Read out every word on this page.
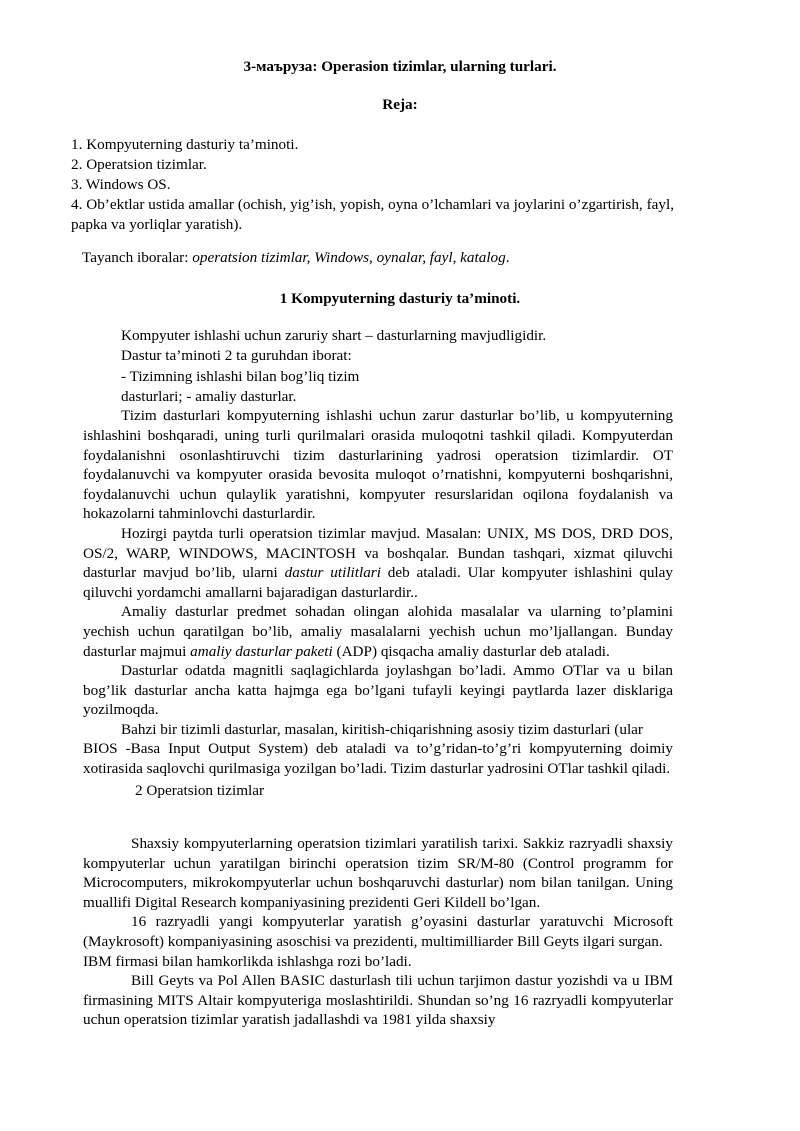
3-маъруза: Operasion tizimlar, ularning turlari.
Reja:
1. Kompyuterning dasturiy ta’minoti.
2. Operatsion tizimlar.
3. Windows OS.
4. Ob’ektlar ustida amallar (ochish, yig’ish, yopish, oyna o’lchamlari va joylarini o’zgartirish, fayl, papka va yorliqlar yaratish).
Tayanch iboralar: operatsion tizimlar, Windows, oynalar, fayl, katalog.
1 Kompyuterning dasturiy ta’minoti.

Kompyuter ishlashi uchun zaruriy shart – dasturlarning mavjudligidir.

Dastur ta’minoti 2 ta guruhdan iborat:

- Tizimning ishlashi bilan bog’liq tizim

dasturlari; - amaliy dasturlar.

Tizim dasturlari kompyuterning ishlashi uchun zarur dasturlar bo’lib, u kompyuterning ishlashini boshqaradi, uning turli qurilmalari orasida muloqotni tashkil qiladi. Kompyuterdan foydalanishni osonlashtiruvchi tizim dasturlarining yadrosi operatsion tizimlardir. OT foydalanuvchi va kompyuter orasida bevosita muloqot o’rnatishni, kompyuterni boshqarishni, foydalanuvchi uchun qulaylik yaratishni, kompyuter resurslaridan oqilona foydalanish va hokazolarni tahminlovchi dasturlardir.

Hozirgi paytda turli operatsion tizimlar mavjud. Masalan: UNIX, MS DOS, DRD DOS, OS/2, WARP, WINDOWS, MACINTOSH va boshqalar. Bundan tashqari, xizmat qiluvchi dasturlar mavjud bo’lib, ularni dastur utilitlari deb ataladi. Ular kompyuter ishlashini qulay qiluvchi yordamchi amallarni bajaradigan dasturlardir..

Amaliy dasturlar predmet sohadan olingan alohida masalalar va ularning to’plamini yechish uchun qaratilgan bo’lib, amaliy masalalarni yechish uchun mo’ljallangan. Bunday dasturlar majmui amaliy dasturlar paketi (ADP) qisqacha amaliy dasturlar deb ataladi.

Dasturlar odatda magnitli saqlagichlarda joylashgan bo’ladi. Ammo OTlar va u bilan bog’lik dasturlar ancha katta hajmga ega bo’lgani tufayli keyingi paytlarda lazer disklariga yozilmoqda.

Bahzi bir tizimli dasturlar, masalan, kiritish-chiqarishning asosiy tizim dasturlari (ular

BIOS -Basa Input Output System) deb ataladi va to’g’ridan-to’g’ri kompyuterning doimiy xotirasida saqlovchi qurilmasiga yozilgan bo’ladi. Tizim dasturlar yadrosini OTlar tashkil qiladi.

2 Operatsion tizimlar

Shaxsiy kompyuterlarning operatsion tizimlari yaratilish tarixi. Sakkiz razryadli shaxsiy kompyuterlar uchun yaratilgan birinchi operatsion tizim SR/M-80 (Control programm for Microcomputers, mikrokompyuterlar uchun boshqaruvchi dasturlar) nom bilan tanilgan. Uning muallifi Digital Research kompaniyasining prezidenti Geri Kildell bo’lgan.

16 razryadli yangi kompyuterlar yaratish g’oyasini dasturlar yaratuvchi Microsoft (Maykrosoft) kompaniyasining asoschisi va prezidenti, multimilliarder Bill Geyts ilgari surgan.

IBM firmasi bilan hamkorlikda ishlashga rozi bo’ladi.

Bill Geyts va Pol Allen BASIC dasturlash tili uchun tarjimon dastur yozishdi va u IBM firmasining MITS Altair kompyuteriga moslashtirildi. Shundan so’ng 16 razryadli kompyuterlar uchun operatsion tizimlar yaratish jadallashdi va 1981 yilda shaxsiy
